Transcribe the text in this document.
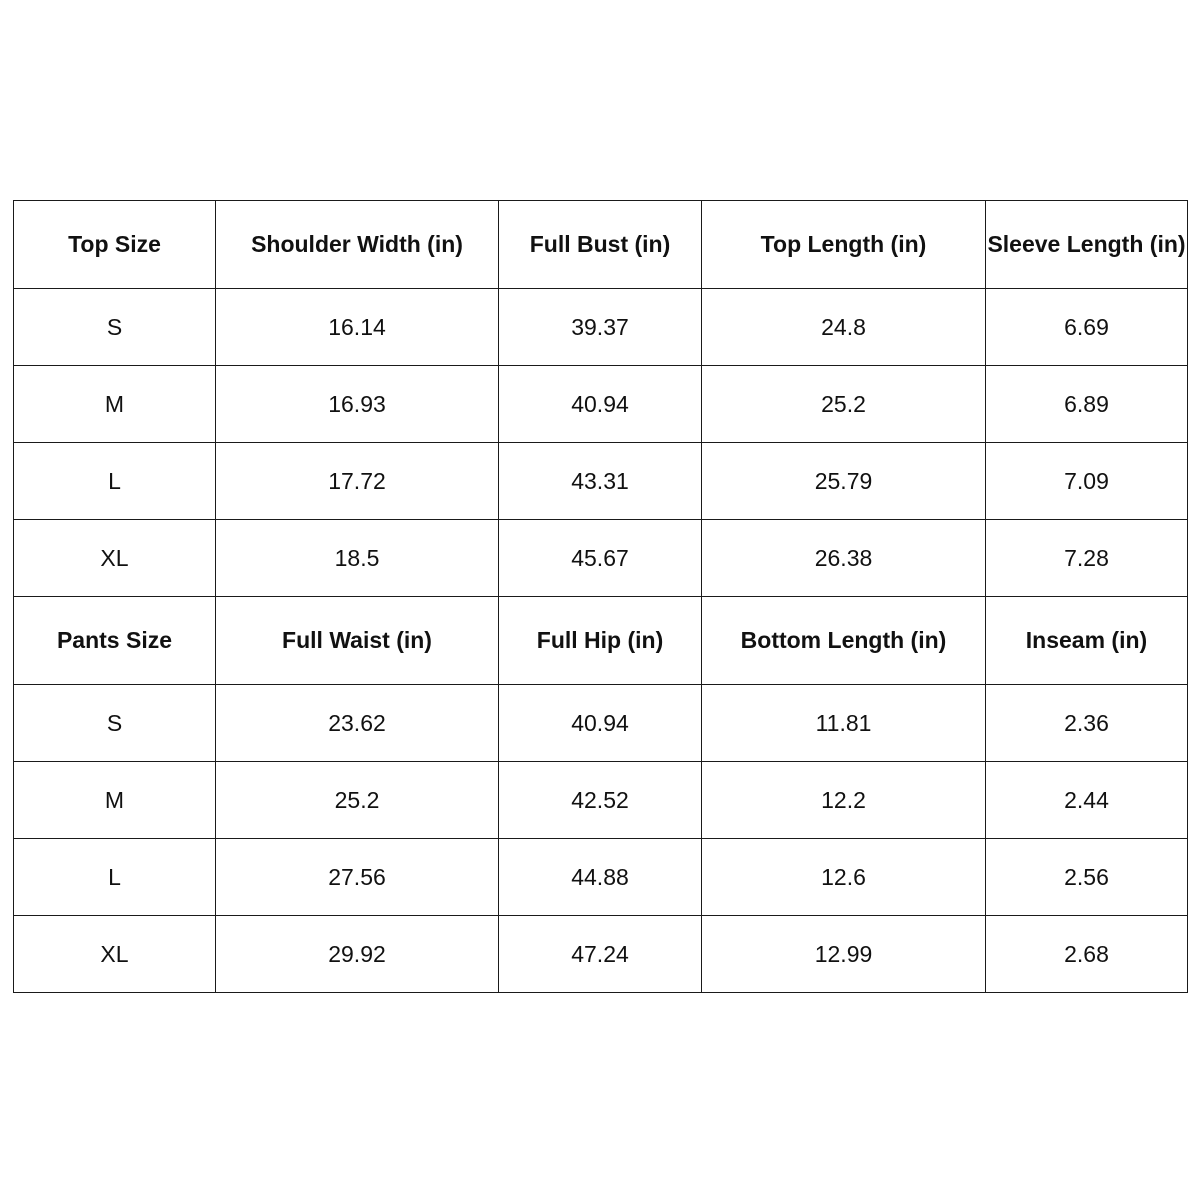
Top Size	Shoulder Width (in)	Full Bust (in)	Top Length (in)	Sleeve Length (in)
S	16.14	39.37	24.8	6.69
M	16.93	40.94	25.2	6.89
L	17.72	43.31	25.79	7.09
XL	18.5	45.67	26.38	7.28
Pants Size	Full Waist (in)	Full Hip (in)	Bottom Length (in)	Inseam (in)
S	23.62	40.94	11.81	2.36
M	25.2	42.52	12.2	2.44
L	27.56	44.88	12.6	2.56
XL	29.92	47.24	12.99	2.68
